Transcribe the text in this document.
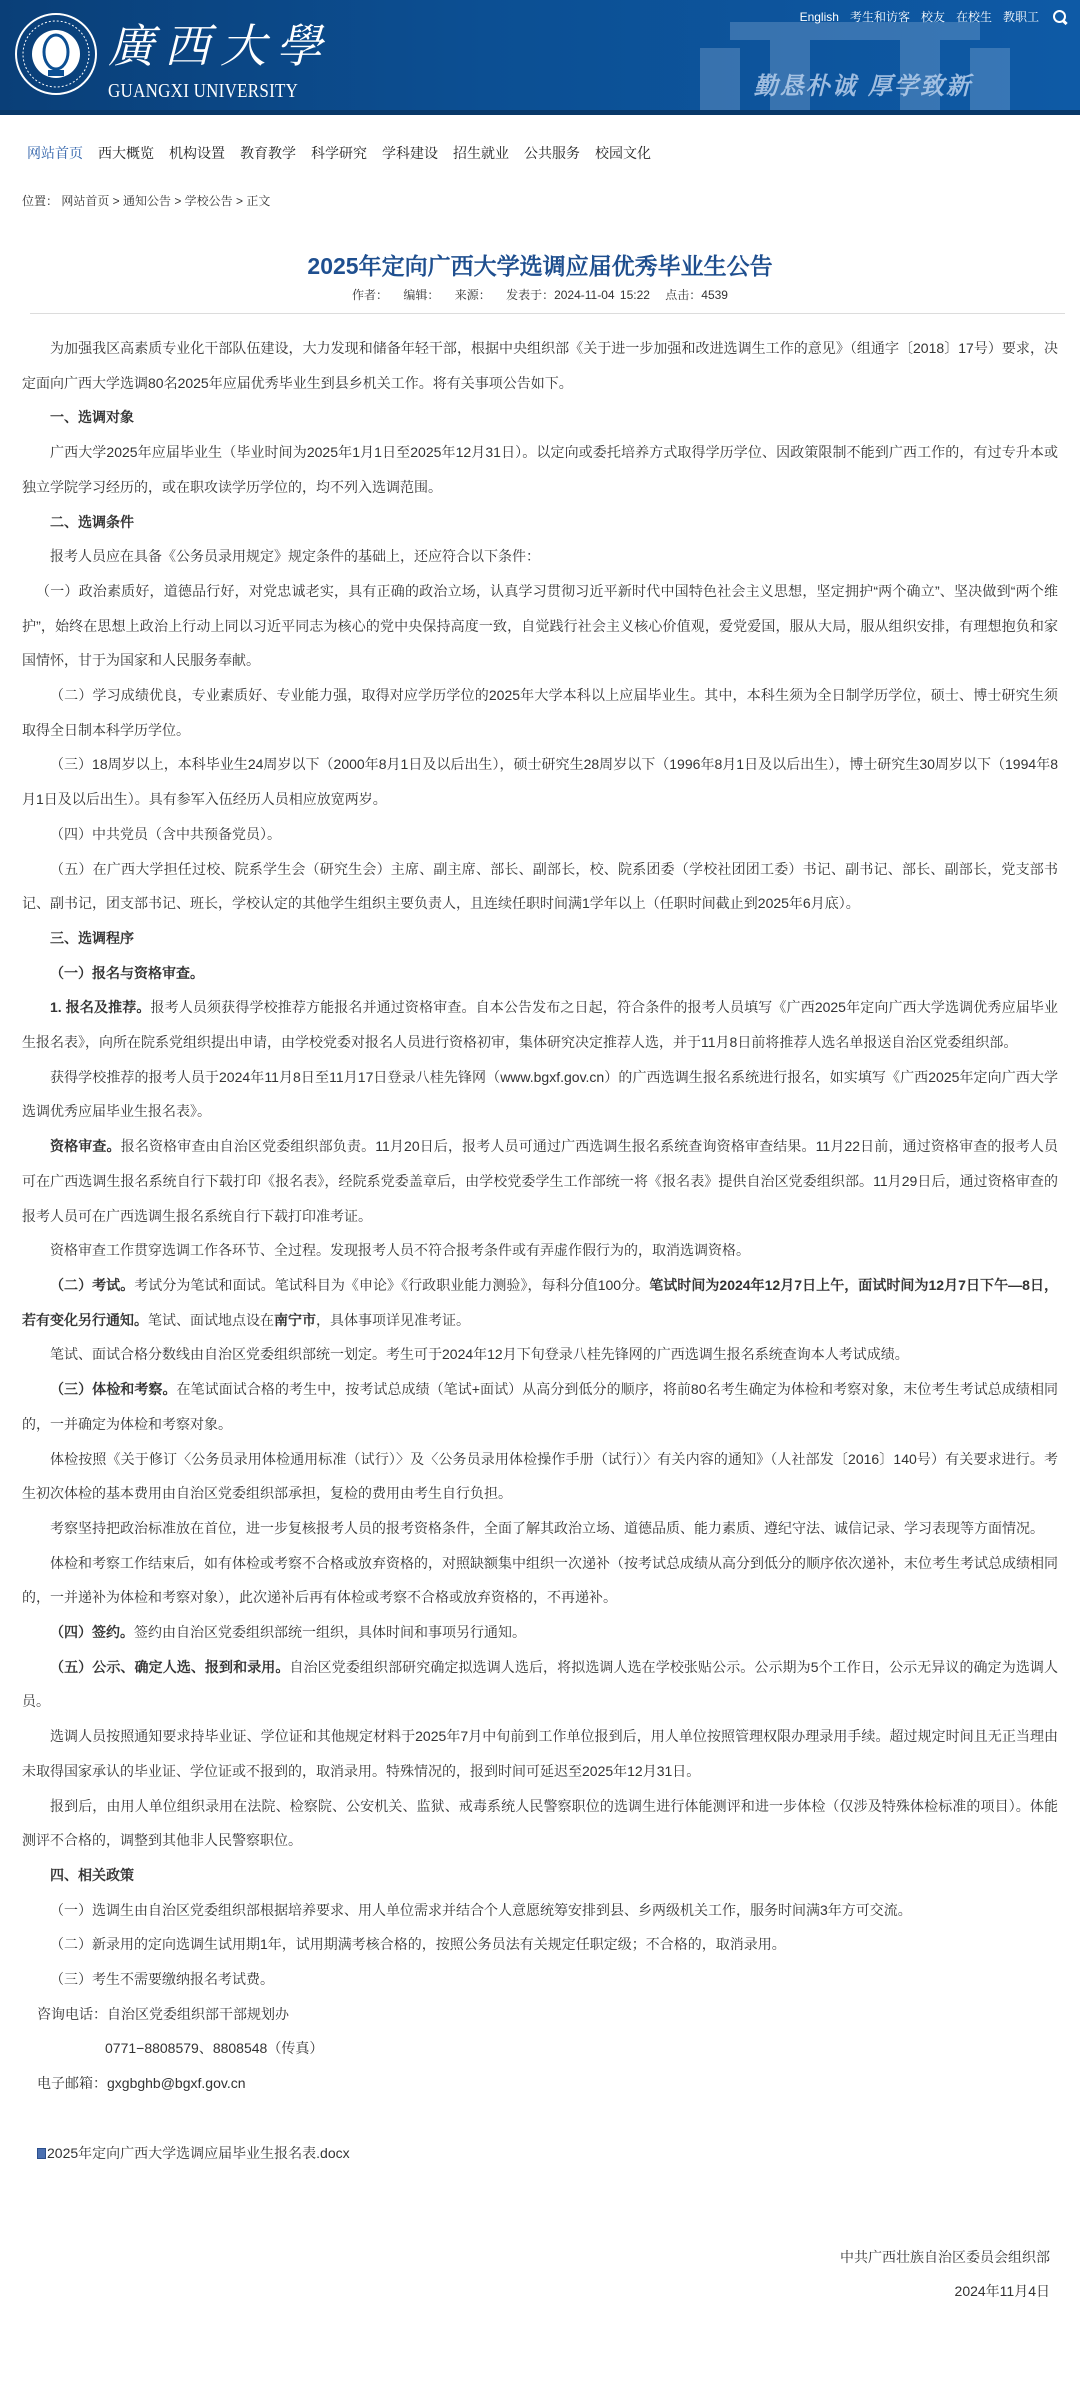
廣西大學
GUANGXI UNIVERSITY
English 考生和访客 校友 在校生 教职工
勤恳朴诚 厚学致新
网站首页 西大概览 机构设置 教育教学 科学研究 学科建设 招生就业 公共服务 校园文化
位置： 网站首页 > 通知公告 > 学校公告 > 正文
2025年定向广西大学选调应届优秀毕业生公告
作者： 编辑： 来源： 发表于：2024-11-04 15:22 点击：4539

为加强我区高素质专业化干部队伍建设，大力发现和储备年轻干部，根据中央组织部《关于进一步加强和改进选调生工作的意见》（组通字〔2018〕17号）要求，决定面向广西大学选调80名2025年应届优秀毕业生到县乡机关工作。将有关事项公告如下。

一、选调对象

广西大学2025年应届毕业生（毕业时间为2025年1月1日至2025年12月31日）。以定向或委托培养方式取得学历学位、因政策限制不能到广西工作的，有过专升本或独立学院学习经历的，或在职攻读学历学位的，均不列入选调范围。

二、选调条件

报考人员应在具备《公务员录用规定》规定条件的基础上，还应符合以下条件：

（一）政治素质好，道德品行好，对党忠诚老实，具有正确的政治立场，认真学习贯彻习近平新时代中国特色社会主义思想，坚定拥护“两个确立”、坚决做到“两个维护”，始终在思想上政治上行动上同以习近平同志为核心的党中央保持高度一致，自觉践行社会主义核心价值观，爱党爱国，服从大局，服从组织安排，有理想抱负和家国情怀，甘于为国家和人民服务奉献。

（二）学习成绩优良，专业素质好、专业能力强，取得对应学历学位的2025年大学本科以上应届毕业生。其中，本科生须为全日制学历学位，硕士、博士研究生须取得全日制本科学历学位。

（三）18周岁以上，本科毕业生24周岁以下（2000年8月1日及以后出生），硕士研究生28周岁以下（1996年8月1日及以后出生），博士研究生30周岁以下（1994年8月1日及以后出生）。具有参军入伍经历人员相应放宽两岁。

（四）中共党员（含中共预备党员）。

（五）在广西大学担任过校、院系学生会（研究生会）主席、副主席、部长、副部长，校、院系团委（学校社团团工委）书记、副书记、部长、副部长，党支部书记、副书记，团支部书记、班长，学校认定的其他学生组织主要负责人，且连续任职时间满1学年以上（任职时间截止到2025年6月底）。

三、选调程序

（一）报名与资格审查。

1. 报名及推荐。报考人员须获得学校推荐方能报名并通过资格审查。自本公告发布之日起，符合条件的报考人员填写《广西2025年定向广西大学选调优秀应届毕业生报名表》，向所在院系党组织提出申请，由学校党委对报名人员进行资格初审，集体研究决定推荐人选，并于11月8日前将推荐人选名单报送自治区党委组织部。

获得学校推荐的报考人员于2024年11月8日至11月17日登录八桂先锋网（www.bgxf.gov.cn）的广西选调生报名系统进行报名，如实填写《广西2025年定向广西大学选调优秀应届毕业生报名表》。

资格审查。报名资格审查由自治区党委组织部负责。11月20日后，报考人员可通过广西选调生报名系统查询资格审查结果。11月22日前，通过资格审查的报考人员可在广西选调生报名系统自行下载打印《报名表》，经院系党委盖章后，由学校党委学生工作部统一将《报名表》提供自治区党委组织部。11月29日后，通过资格审查的报考人员可在广西选调生报名系统自行下载打印准考证。

资格审查工作贯穿选调工作各环节、全过程。发现报考人员不符合报考条件或有弄虚作假行为的，取消选调资格。

（二）考试。考试分为笔试和面试。笔试科目为《申论》《行政职业能力测验》，每科分值100分。笔试时间为2024年12月7日上午，面试时间为12月7日下午—8日，若有变化另行通知。笔试、面试地点设在南宁市，具体事项详见准考证。

笔试、面试合格分数线由自治区党委组织部统一划定。考生可于2024年12月下旬登录八桂先锋网的广西选调生报名系统查询本人考试成绩。

（三）体检和考察。在笔试面试合格的考生中，按考试总成绩（笔试+面试）从高分到低分的顺序，将前80名考生确定为体检和考察对象，末位考生考试总成绩相同的，一并确定为体检和考察对象。

体检按照《关于修订〈公务员录用体检通用标准（试行）〉及〈公务员录用体检操作手册（试行）〉有关内容的通知》（人社部发〔2016〕140号）有关要求进行。考生初次体检的基本费用由自治区党委组织部承担，复检的费用由考生自行负担。

考察坚持把政治标准放在首位，进一步复核报考人员的报考资格条件，全面了解其政治立场、道德品质、能力素质、遵纪守法、诚信记录、学习表现等方面情况。

体检和考察工作结束后，如有体检或考察不合格或放弃资格的，对照缺额集中组织一次递补（按考试总成绩从高分到低分的顺序依次递补，末位考生考试总成绩相同的，一并递补为体检和考察对象），此次递补后再有体检或考察不合格或放弃资格的，不再递补。

（四）签约。签约由自治区党委组织部统一组织，具体时间和事项另行通知。

（五）公示、确定人选、报到和录用。自治区党委组织部研究确定拟选调人选后，将拟选调人选在学校张贴公示。公示期为5个工作日，公示无异议的确定为选调人员。

选调人员按照通知要求持毕业证、学位证和其他规定材料于2025年7月中旬前到工作单位报到后，用人单位按照管理权限办理录用手续。超过规定时间且无正当理由未取得国家承认的毕业证、学位证或不报到的，取消录用。特殊情况的，报到时间可延迟至2025年12月31日。

报到后，由用人单位组织录用在法院、检察院、公安机关、监狱、戒毒系统人民警察职位的选调生进行体能测评和进一步体检（仅涉及特殊体检标准的项目）。体能测评不合格的，调整到其他非人民警察职位。

四、相关政策

（一）选调生由自治区党委组织部根据培养要求、用人单位需求并结合个人意愿统筹安排到县、乡两级机关工作，服务时间满3年方可交流。

（二）新录用的定向选调生试用期1年，试用期满考核合格的，按照公务员法有关规定任职定级；不合格的，取消录用。

（三）考生不需要缴纳报名考试费。

咨询电话：自治区党委组织部干部规划办

0771−8808579、8808548（传真）

电子邮箱：gxgbghb@bgxf.gov.cn

2025年定向广西大学选调应届毕业生报名表.docx

中共广西壮族自治区委员会组织部

2024年11月4日
